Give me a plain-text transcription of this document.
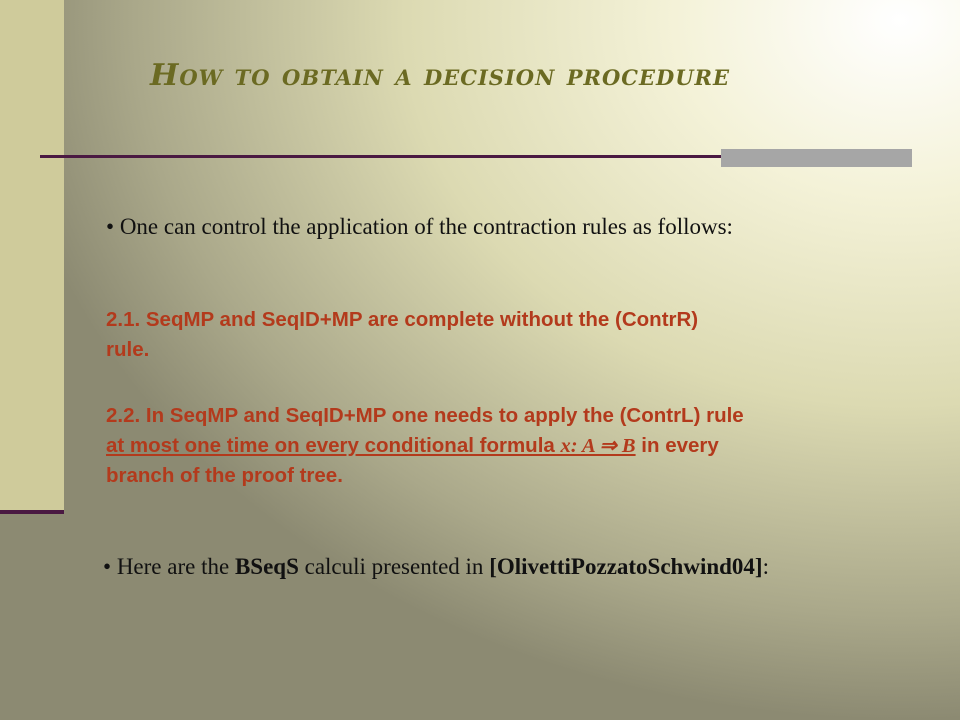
How to obtain a decision procedure
• One can control the application of the contraction rules as follows:
2.1. SeqMP and SeqID+MP are complete without the (ContrR)
rule.
2.2. In SeqMP and SeqID+MP one needs to apply the (ContrL) rule
at most one time on every conditional formula x: A ⇒ B in every
branch of the proof tree.
• Here are the BSeqS calculi presented in [OlivettiPozzatoSchwind04]:
